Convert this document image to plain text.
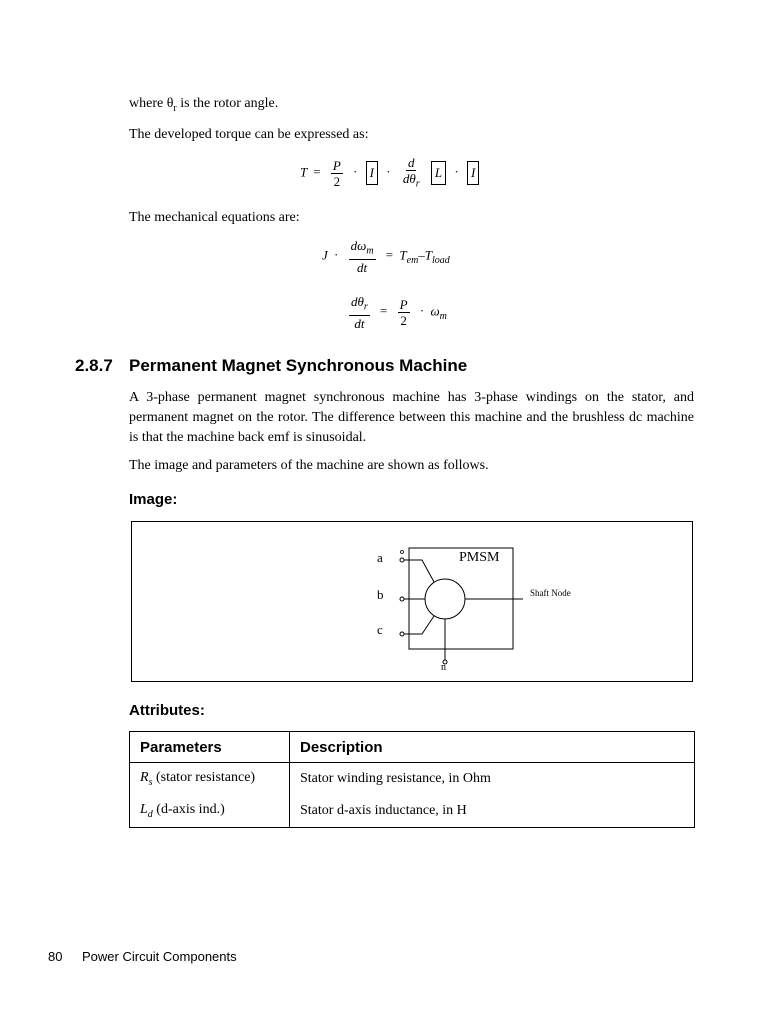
where $\theta_r$ is the rotor angle.
The developed torque can be expressed as:
$T = \frac{P}{2} \cdot I \cdot \frac{d}{d\theta_r}$ L · I
The mechanical equations are:
$J \cdot \frac{d\omega_m}{dt} = T_{em}-T_{load}$
$\frac{d\theta_r}{dt} = \frac{P}{2} \cdot \omega_m$
2.8.7 Permanent Magnet Synchronous Machine
A 3-phase permanent magnet synchronous machine has 3-phase windings on the stator, and permanent magnet on the rotor. The difference between this machine and the brushless dc machine is that the machine back emf is sinusoidal.
The image and parameters of the machine are shown as follows.
Image:
PMSM
a
b
c
n
Shaft Node
Attributes:
Parameters	Description
$R_s$ (stator resistance)	Stator winding resistance, in Ohm
$L_d$ (d-axis ind.)	Stator d-axis inductance, in H
80 Power Circuit Components
